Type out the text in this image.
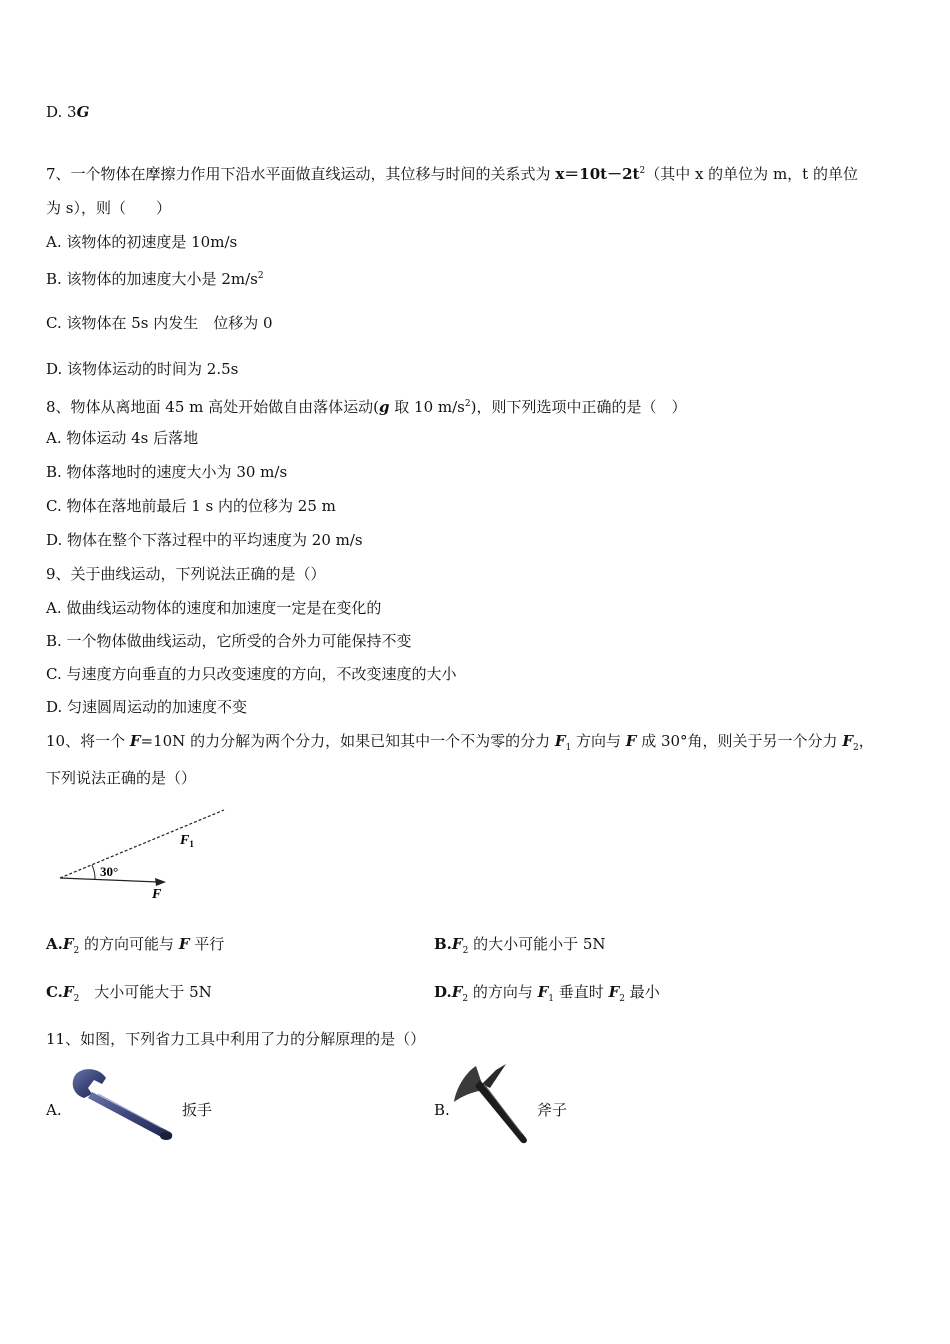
D. 3G
7、一个物体在摩擦力作用下沿水平面做直线运动，其位移与时间的关系式为 $x=10t-2t^2$（其中 x 的单位为 m，t 的单位
为 s），则（　　）
A. 该物体的初速度是 10m/s
B. 该物体的加速度大小是 $2m/s^2$
C. 该物体在 5s 内发生　位移为 0
D. 该物体运动的时间为 2.5s
8、物体从离地面 45 m 高处开始做自由落体运动(g 取 10 $m/s^2$)，则下列选项中正确的是（　）
A. 物体运动 4s 后落地
B. 物体落地时的速度大小为 30 m/s
C. 物体在落地前最后 1 s 内的位移为 25 m
D. 物体在整个下落过程中的平均速度为 20 m/s
9、关于曲线运动，下列说法正确的是（）
A. 做曲线运动物体的速度和加速度一定是在变化的
B. 一个物体做曲线运动，它所受的合外力可能保持不变
C. 与速度方向垂直的力只改变速度的方向，不改变速度的大小
D. 匀速圆周运动的加速度不变
10、将一个 F=10N 的力分解为两个分力，如果已知其中一个不为零的分力 $F_1$ 方向与 F 成 30°角，则关于另一个分力 $F_2$，
下列说法正确的是（）
$F_1$
30°
F
$A.F_2$ 的方向可能与 F 平行	$B.F_2$ 的大小可能小于 5N
$C.F_2$　大小可能大于 5N	$D.F_2$ 的方向与 $F_1$ 垂直时 $F_2$ 最小
11、如图，下列省力工具中利用了力的分解原理的是（）
A.	扳手	B.	斧子
